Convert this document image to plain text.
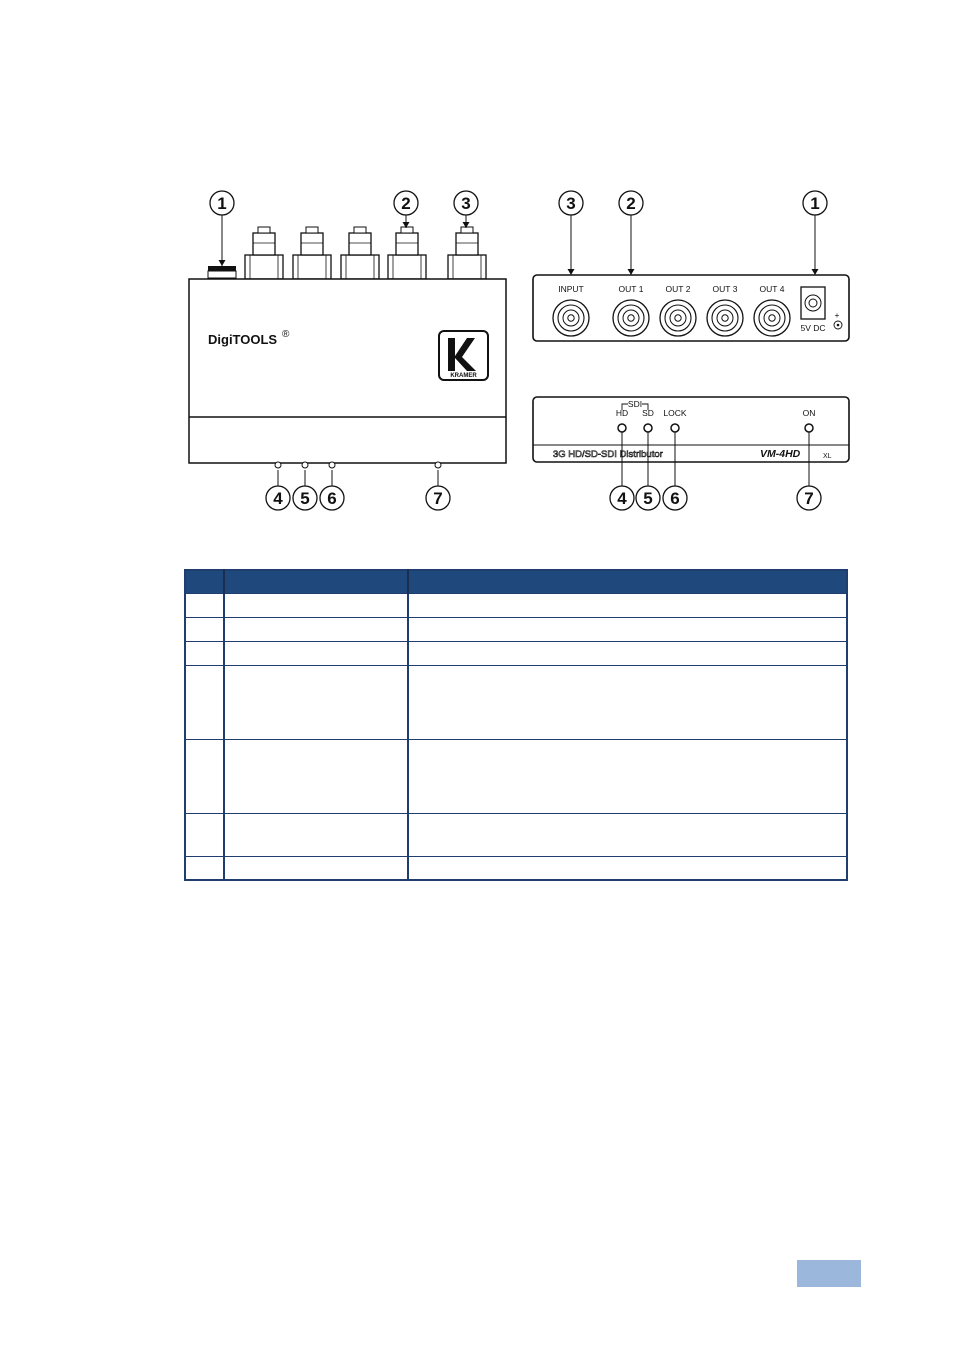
DigiTOOLS ®
KRAMER
1	2	3
4 5 6	7
INPUT	OUT 1	OUT 2	OUT 3	OUT 4
5V DC
+
3	2	1
SDI
HD SD LOCK	ON
3G HD/SD-SDI Distributor	VM-4HD	XL
4 5 6	7
